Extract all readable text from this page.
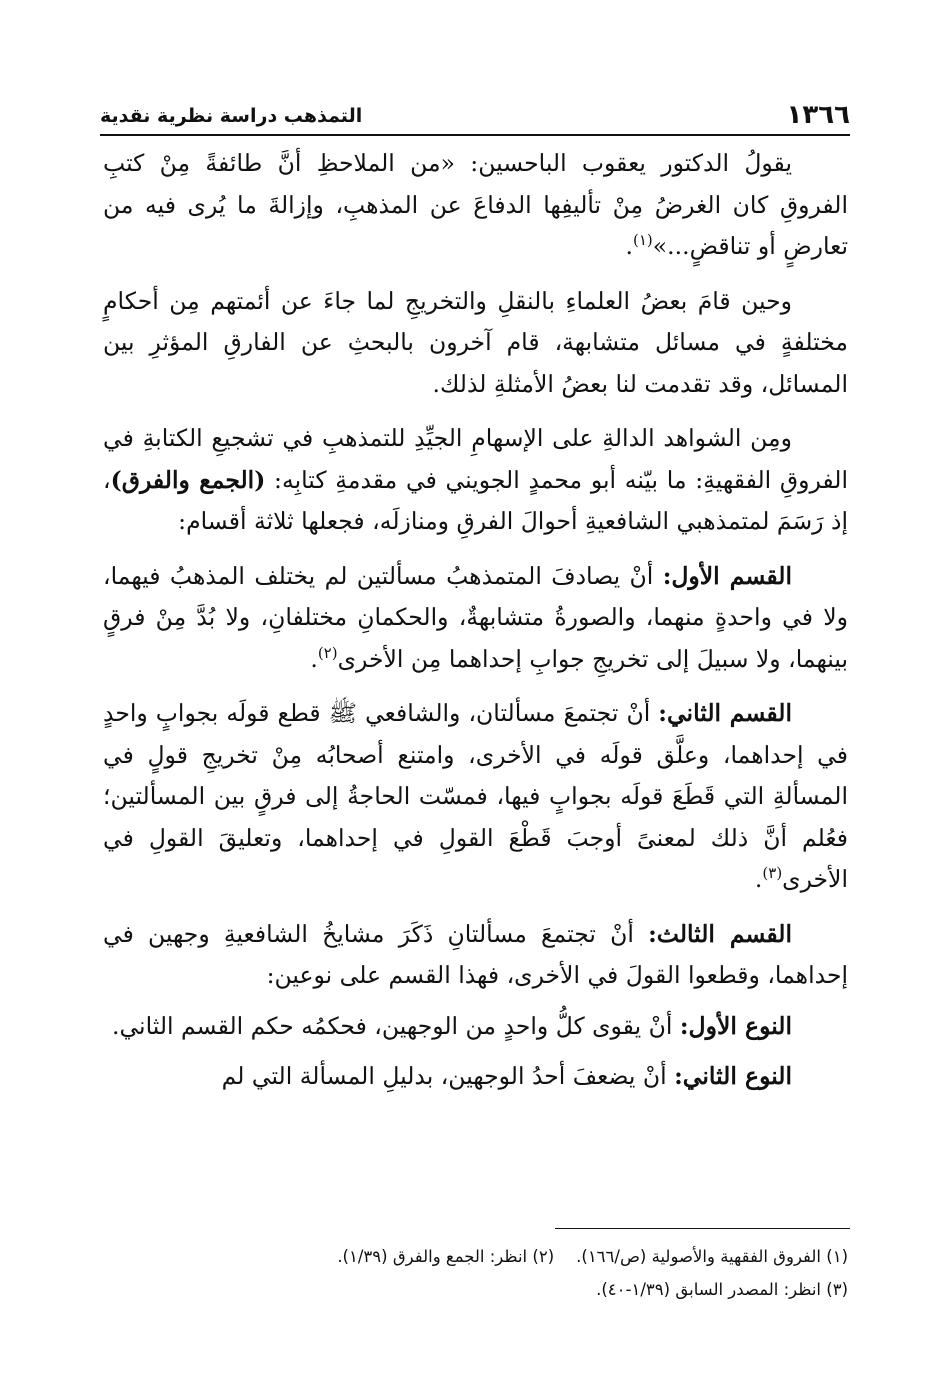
١٣٦٦
التمذهب دراسة نظرية نقدية

يقولُ الدكتور يعقوب الباحسين: «من الملاحظِ أنَّ طائفةً مِنْ كتبِ الفروقِ كان الغرضُ مِنْ تأليفِها الدفاعَ عن المذهبِ، وإزالةَ ما يُرى فيه من تعارضٍ أو تناقضٍ...»$^{(١)}$.

وحين قامَ بعضُ العلماءِ بالنقلِ والتخريجِ لما جاءَ عن أئمتهم مِن أحكامٍ مختلفةٍ في مسائل متشابهة، قام آخرون بالبحثِ عن الفارقِ المؤثرِ بين المسائل، وقد تقدمت لنا بعضُ الأمثلةِ لذلك.

ومِن الشواهد الدالةِ على الإسهامِ الجيِّدِ للتمذهبِ في تشجيعِ الكتابةِ في الفروقِ الفقهيةِ: ما بيّنه أبو محمدٍ الجويني في مقدمةِ كتابِه: (الجمع والفرق)، إذ رَسَمَ لمتمذهبي الشافعيةِ أحوالَ الفرقِ ومنازلَه، فجعلها ثلاثة أقسام:

القسم الأول: أنْ يصادفَ المتمذهبُ مسألتين لم يختلف المذهبُ فيهما، ولا في واحدةٍ منهما، والصورةُ متشابهةٌ، والحكمانِ مختلفانِ، ولا بُدَّ مِنْ فرقٍ بينهما، ولا سبيلَ إلى تخريجِ جوابِ إحداهما مِن الأخرى$^{(٢)}$.

القسم الثاني: أنْ تجتمعَ مسألتان، والشافعي ﷺ قطع قولَه بجوابٍ واحدٍ في إحداهما، وعلَّق قولَه في الأخرى، وامتنع أصحابُه مِنْ تخريجِ قولٍ في المسألةِ التي قَطَعَ قولَه بجوابٍ فيها، فمسّت الحاجةُ إلى فرقٍ بين المسألتين؛ فعُلم أنَّ ذلك لمعنىً أوجبَ قَطْعَ القولِ في إحداهما، وتعليقَ القولِ في الأخرى$^{(٣)}$.

القسم الثالث: أنْ تجتمعَ مسألتانِ ذَكَرَ مشايخُ الشافعيةِ وجهين في إحداهما، وقطعوا القولَ في الأخرى، فهذا القسم على نوعين:

النوع الأول: أنْ يقوى كلُّ واحدٍ من الوجهين، فحكمُه حكم القسم الثاني.

النوع الثاني: أنْ يضعفَ أحدُ الوجهين، بدليلِ المسألة التي لم

(١) الفروق الفقهية والأصولية (ص/١٦٦).(٢) انظر: الجمع والفرق (١/٣٩).
(٣) انظر: المصدر السابق (١/٣٩-٤٠).
